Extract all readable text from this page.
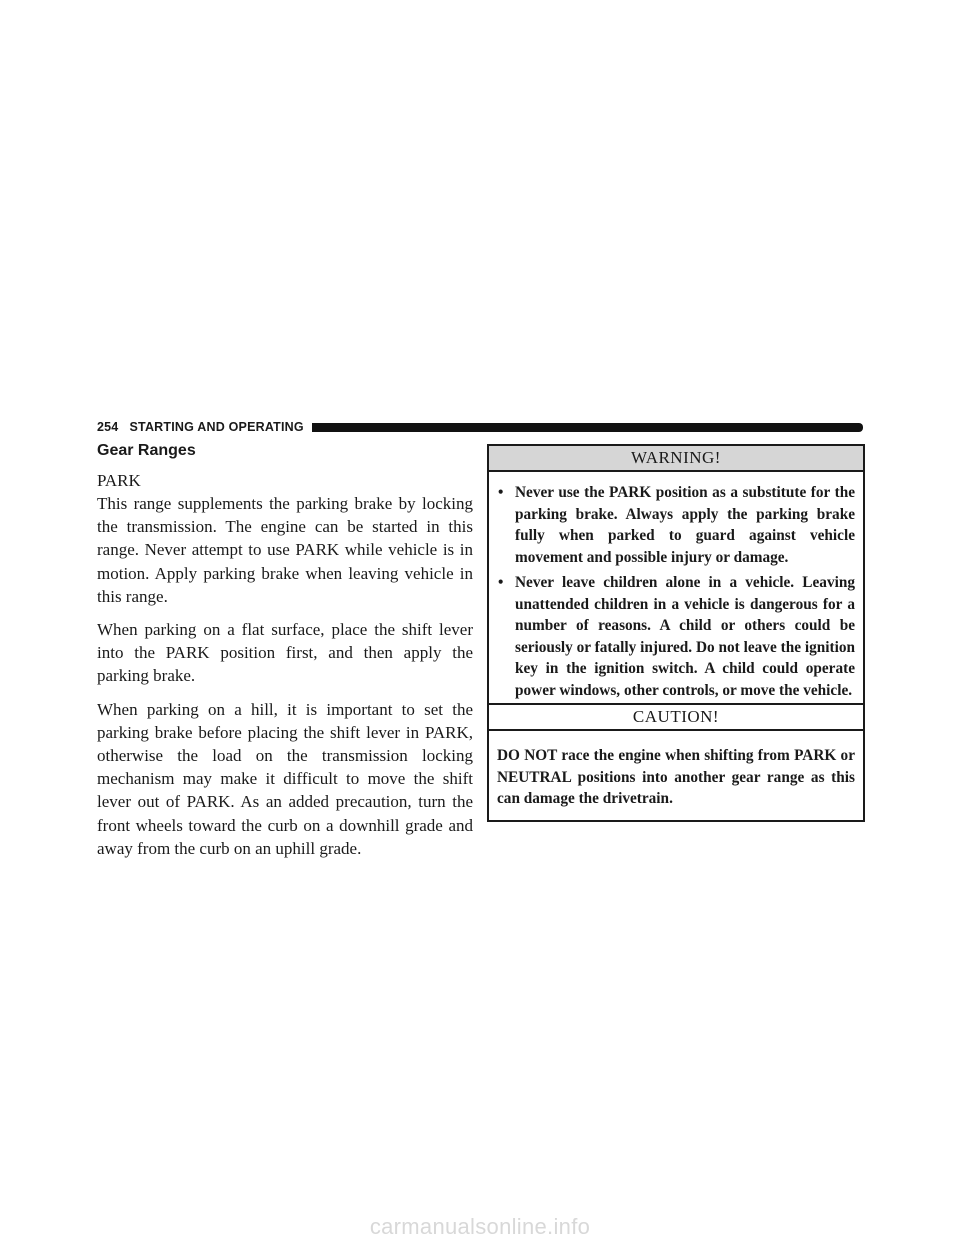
254 STARTING AND OPERATING
Gear Ranges

PARK

This range supplements the parking brake by locking the transmission. The engine can be started in this range. Never attempt to use PARK while vehicle is in motion. Apply parking brake when leaving vehicle in this range.

When parking on a flat surface, place the shift lever into the PARK position first, and then apply the parking brake.

When parking on a hill, it is important to set the parking brake before placing the shift lever in PARK, otherwise the load on the transmission locking mechanism may make it difficult to move the shift lever out of PARK. As an added precaution, turn the front wheels toward the curb on a downhill grade and away from the curb on an uphill grade.

WARNING!
• Never use the PARK position as a substitute for the parking brake. Always apply the parking brake fully when parked to guard against vehicle movement and possible injury or damage.
• Never leave children alone in a vehicle. Leaving unattended children in a vehicle is dangerous for a number of reasons. A child or others could be seriously or fatally injured. Do not leave the ignition key in the ignition switch. A child could operate power windows, other controls, or move the vehicle.
CAUTION!
DO NOT race the engine when shifting from PARK or NEUTRAL positions into another gear range as this can damage the drivetrain.
carmanualsonline.info
